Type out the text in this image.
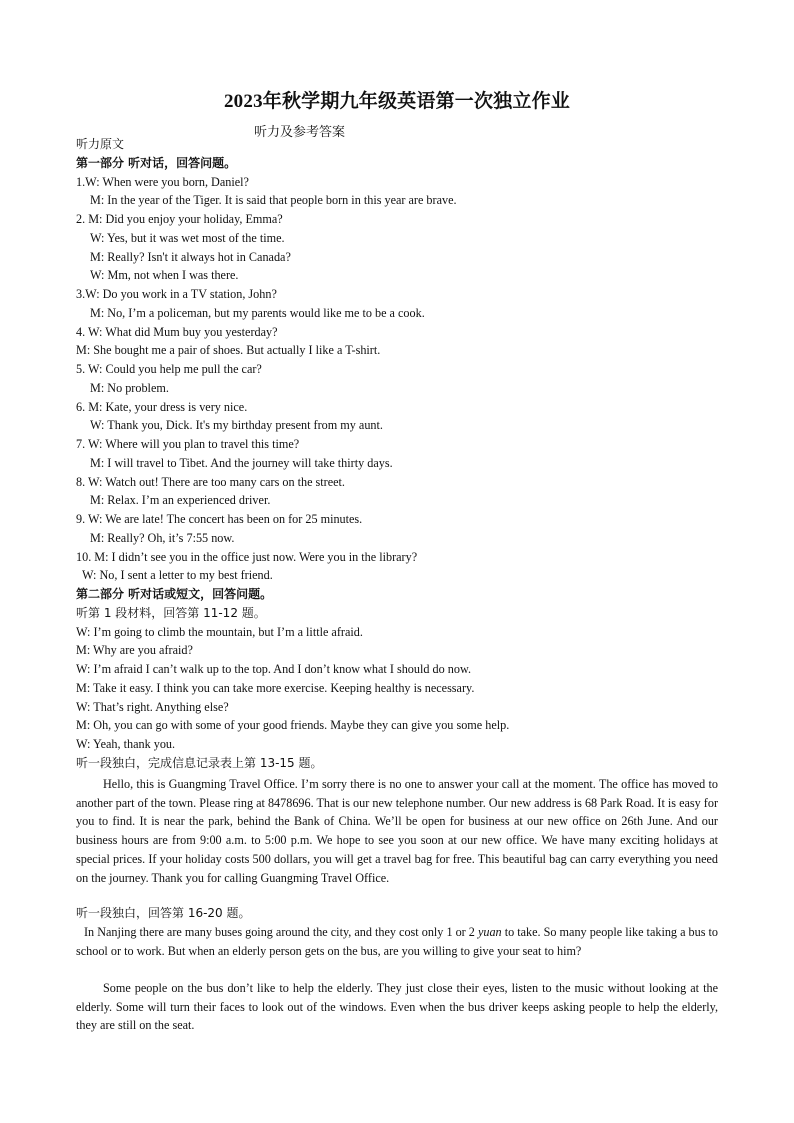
2023年秋学期九年级英语第一次独立作业
听力及参考答案
听力原文
第一部分 听对话，回答问题。
1.W: When were you born, Daniel?
M: In the year of the Tiger. It is said that people born in this year are brave.
2. M: Did you enjoy your holiday, Emma?
W: Yes, but it was wet most of the time.
M: Really? Isn't it always hot in Canada?
W: Mm, not when I was there.
3.W: Do you work in a TV station, John?
M: No, I’m a policeman, but my parents would like me to be a cook.
4. W: What did Mum buy you yesterday?
M: She bought me a pair of shoes. But actually I like a T-shirt.
5. W: Could you help me pull the car?
M: No problem.
6. M: Kate, your dress is very nice.
W: Thank you, Dick. It's my birthday present from my aunt.
7. W: Where will you plan to travel this time?
M: I will travel to Tibet. And the journey will take thirty days.
8. W: Watch out! There are too many cars on the street.
M: Relax. I’m an experienced driver.
9. W: We are late! The concert has been on for 25 minutes.
M: Really? Oh, it’s 7:55 now.
10. M: I didn’t see you in the office just now. Were you in the library?
W: No, I sent a letter to my best friend.
第二部分 听对话或短文，回答问题。
听第 1 段材料，回答第 11-12 题。
W: I’m going to climb the mountain, but I’m a little afraid.
M: Why are you afraid?
W: I’m afraid I can’t walk up to the top. And I don’t know what I should do now.
M: Take it easy. I think you can take more exercise. Keeping healthy is necessary.
W: That’s right. Anything else?
M: Oh, you can go with some of your good friends. Maybe they can give you some help.
W: Yeah, thank you.
听一段独白，完成信息记录表上第 13-15 题。
Hello, this is Guangming Travel Office. I’m sorry there is no one to answer your call at the moment. The office has moved to another part of the town. Please ring at 8478696. That is our new telephone number. Our new address is 68 Park Road. It is easy for you to find. It is near the park, behind the Bank of China. We’ll be open for business at our new office on 26th June. And our business hours are from 9:00 a.m. to 5:00 p.m. We hope to see you soon at our new office. We have many exciting holidays at special prices. If your holiday costs 500 dollars, you will get a travel bag for free. This beautiful bag can carry everything you need on the journey. Thank you for calling Guangming Travel Office.
听一段独白，回答第 16-20 题。
In Nanjing there are many buses going around the city, and they cost only 1 or 2 yuan to take. So many people like taking a bus to school or to work. But when an elderly person gets on the bus, are you willing to give your seat to him?
Some people on the bus don’t like to help the elderly. They just close their eyes, listen to the music without looking at the elderly. Some will turn their faces to look out of the windows. Even when the bus driver keeps asking people to help the elderly, they are still on the seat.
